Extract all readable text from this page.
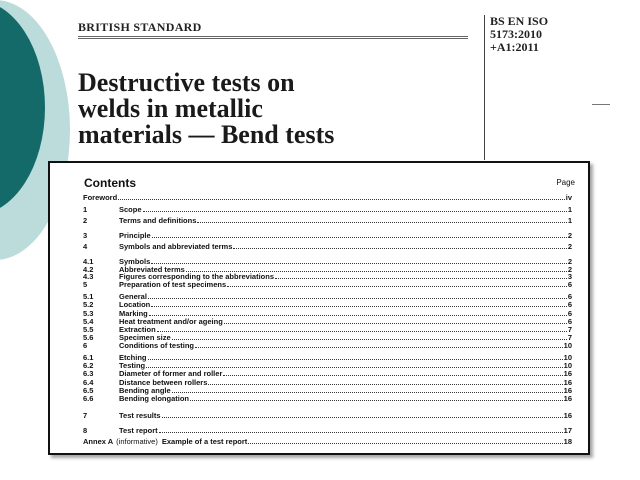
BRITISH STANDARD	BS EN ISO
5173:2010
+A1:2011
Destructive tests on
welds in metallic
materials — Bend tests
Contents	Page
Foreword	iv
1	Scope	1
2	Terms and definitions	1
3	Principle	2
4	Symbols and abbreviated terms	2
4.1	Symbols	2
4.2	Abbreviated terms	2
4.3	Figures corresponding to the abbreviations	3
5	Preparation of test specimens	6
5.1	General	6
5.2	Location	6
5.3	Marking	6
5.4	Heat treatment and/or ageing	6
5.5	Extraction	7
5.6	Specimen size	7
6	Conditions of testing	10
6.1	Etching	10
6.2	Testing	10
6.3	Diameter of former and roller	16
6.4	Distance between rollers	16
6.5	Bending angle	16
6.6	Bending elongation	16
7	Test results	16
8	Test report	17
Annex A (informative) Example of a test report	18
